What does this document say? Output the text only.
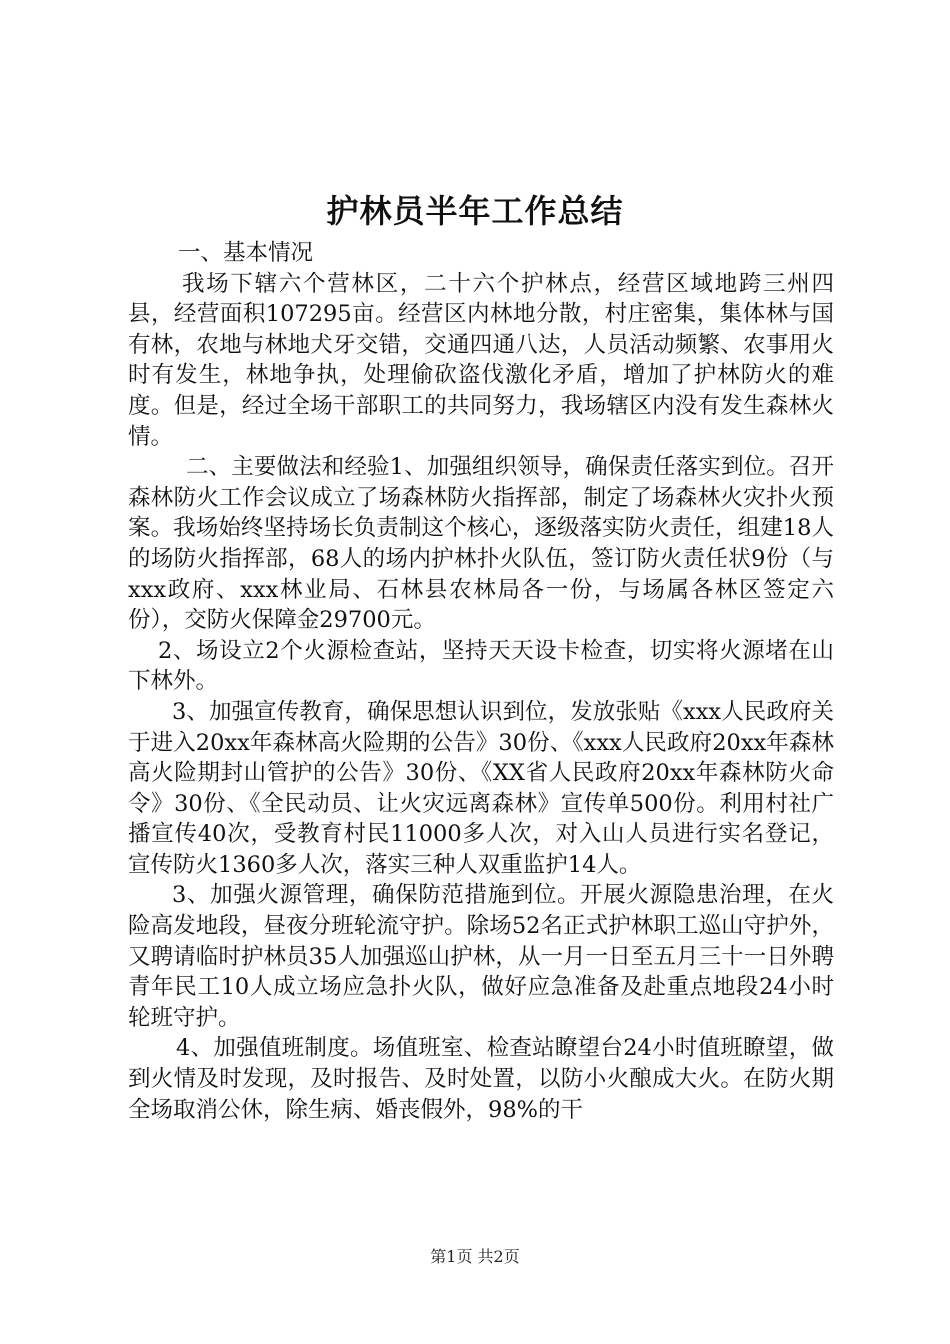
护林员半年工作总结

一、基本情况

我场下辖六个营林区，二十六个护林点，经营区域地跨三州四县，经营面积107295亩。经营区内林地分散，村庄密集，集体林与国有林，农地与林地犬牙交错，交通四通八达，人员活动频繁、农事用火时有发生，林地争执，处理偷砍盗伐激化矛盾，增加了护林防火的难度。但是，经过全场干部职工的共同努力，我场辖区内没有发生森林火情。

二、主要做法和经验1、加强组织领导，确保责任落实到位。召开森林防火工作会议成立了场森林防火指挥部，制定了场森林火灾扑火预案。我场始终坚持场长负责制这个核心，逐级落实防火责任，组建18人的场防火指挥部，68人的场内护林扑火队伍，签订防火责任状9份（与xxx政府、xxx林业局、石林县农林局各一份，与场属各林区签定六份），交防火保障金29700元。

2、场设立2个火源检查站，坚持天天设卡检查，切实将火源堵在山下林外。

3、加强宣传教育，确保思想认识到位，发放张贴《xxx人民政府关于进入20xx年森林高火险期的公告》30份、《xxx人民政府20xx年森林高火险期封山管护的公告》30份、《XX省人民政府20xx年森林防火命令》30份、《全民动员、让火灾远离森林》宣传单500份。利用村社广播宣传40次，受教育村民11000多人次，对入山人员进行实名登记，宣传防火1360多人次，落实三种人双重监护14人。

3、加强火源管理，确保防范措施到位。开展火源隐患治理，在火险高发地段，昼夜分班轮流守护。除场52名正式护林职工巡山守护外，又聘请临时护林员35人加强巡山护林，从一月一日至五月三十一日外聘青年民工10人成立场应急扑火队，做好应急准备及赴重点地段24小时轮班守护。

4、加强值班制度。场值班室、检查站瞭望台24小时值班瞭望，做到火情及时发现，及时报告、及时处置，以防小火酿成大火。在防火期全场取消公休，除生病、婚丧假外，98%的干

第1页 共2页
